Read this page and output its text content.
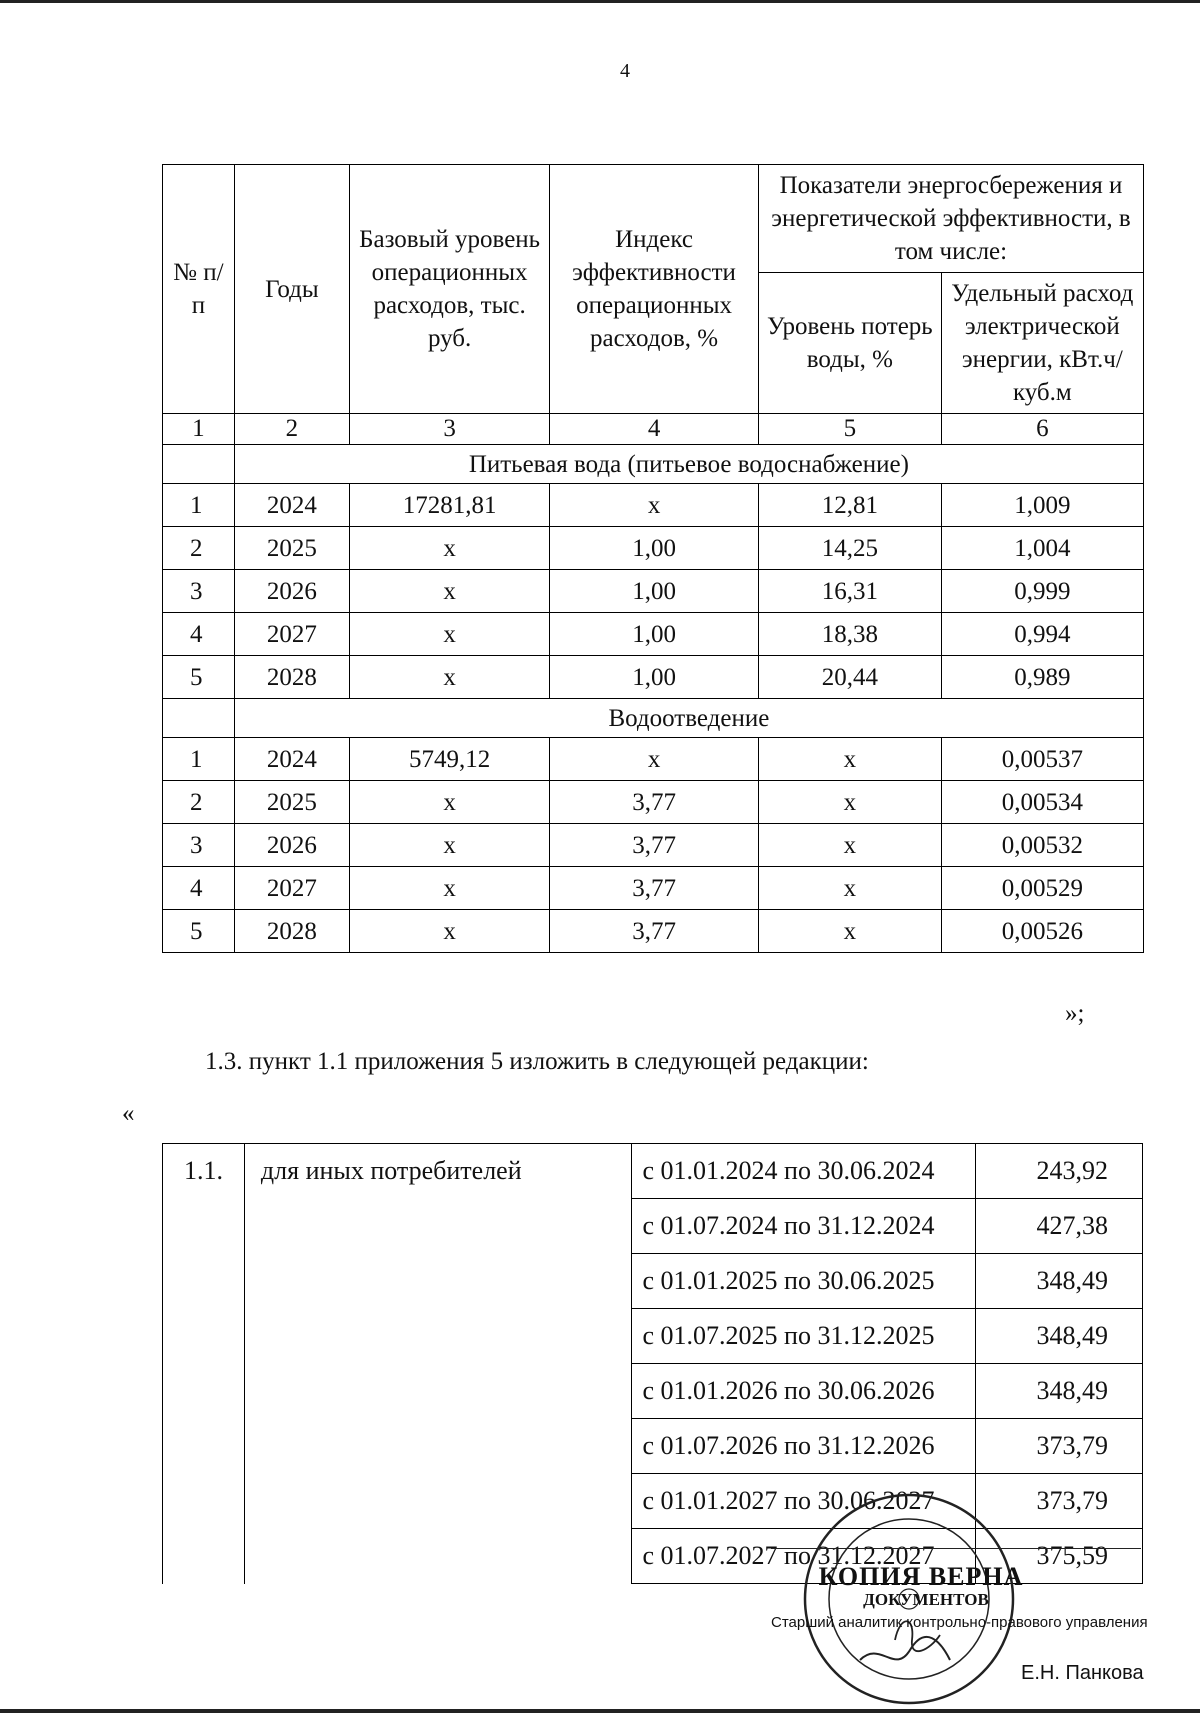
4
№ п/п	Годы	Базовый уровень операционных расходов, тыс. руб.	Индекс эффективности операционных расходов, %	Показатели энергосбережения и энергетической эффективности, в том числе:	
				Уровень потерь воды, %	Удельный расход электрической энергии, кВт.ч/куб.м
1	2	3	4	5	6
	Питьевая вода (питьевое водоснабжение)				
1	2024	17281,81	х	12,81	1,009
2	2025	х	1,00	14,25	1,004
3	2026	х	1,00	16,31	0,999
4	2027	х	1,00	18,38	0,994
5	2028	х	1,00	20,44	0,989
	Водоотведение				
1	2024	5749,12	х	х	0,00537
2	2025	х	3,77	х	0,00534
3	2026	х	3,77	х	0,00532
4	2027	х	3,77	х	0,00529
5	2028	х	3,77	х	0,00526
»;
1.3. пункт 1.1 приложения 5 изложить в следующей редакции:
«
1.1.	для иных потребителей	с 01.01.2024 по 30.06.2024	243,92
		с 01.07.2024 по 31.12.2024	427,38
		с 01.01.2025 по 30.06.2025	348,49
		с 01.07.2025 по 31.12.2025	348,49
		с 01.01.2026 по 30.06.2026	348,49
		с 01.07.2026 по 31.12.2026	373,79
		с 01.01.2027 по 30.06.2027	373,79
		с 01.07.2027 по 31.12.2027	375,59
КОПИЯ ВЕРНА
ДОКУМЕНТОВ
Старший аналитик контрольно-правового управления
Е.Н. Панкова
